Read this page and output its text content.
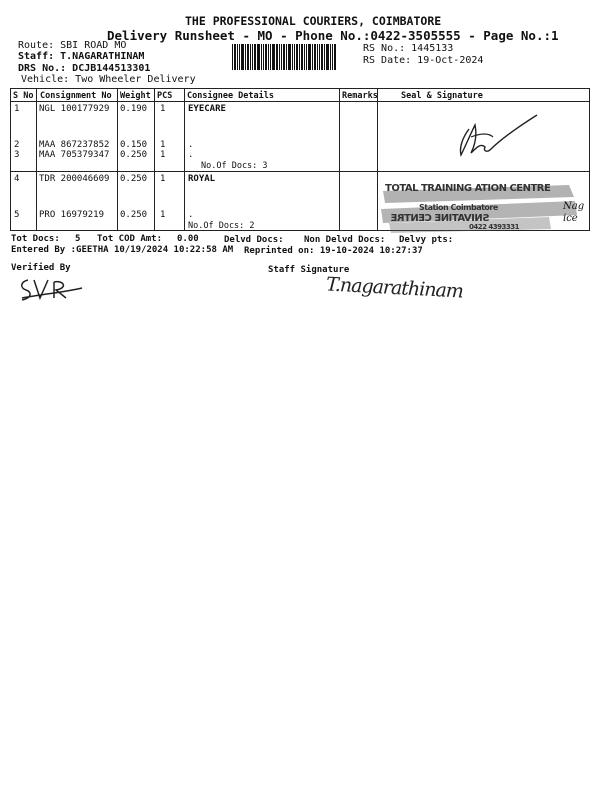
THE PROFESSIONAL COURIERS, COIMBATORE
Delivery Runsheet - MO - Phone No.:0422-3505555 - Page No.:1
Route: SBI ROAD MO
Staff: T.NAGARATHINAM
DRS No.: DCJB144513301
Vehicle: Two Wheeler Delivery
RS No.: 1445133
RS Date: 19-Oct-2024
S No Consignment No Weight PCS Consignee Details	Remarks	Seal & Signature
1 NGL 100177929 0.190 1	EYECARE
2 MAA 867237852 0.150 1	.
3 MAA 705379347 0.250 1	.
No.Of Docs: 3
4 TDR 200046609 0.250 1	ROYAL
5 PRO 16979219 0.250 1	.
No.Of Docs: 2
TOTAL TRAINING ATION CENTRE
Station Coimbatore
SNIVATINE CENTRE
0422 4393331
Nag ice
Tot Docs: 5 Tot COD Amt: 0.00	Delvd Docs: Non Delvd Docs: Delvy pts:
Entered By :GEETHA 10/19/2024 10:22:58 AM Reprinted on: 19-10-2024 10:27:37
Verified By	Staff Signature
T.nagarathinam
